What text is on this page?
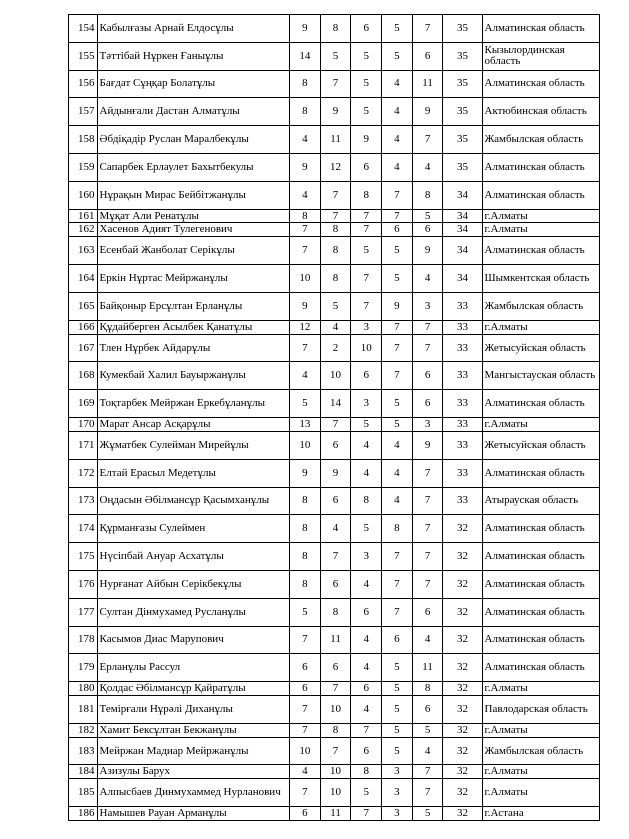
154	Кабылғазы Арнай Елдосұлы	9	8	6	5	7	35	Алматинская область
155	Тәттібай Нұркен Ғаныұлы	14	5	5	5	6	35	Кызылординская область
156	Бағдат Сұңқар Болатұлы	8	7	5	4	11	35	Алматинская область
157	Айдынғали Дастан Алматұлы	8	9	5	4	9	35	Актюбинская область
158	Әбдіқадір Руслан Маралбекұлы	4	11	9	4	7	35	Жамбылская область
159	Сапарбек Ерлаулет Бахытбекулы	9	12	6	4	4	35	Алматинская область
160	Нұрақын Мирас Бейбітжанұлы	4	7	8	7	8	34	Алматинская область
161	Мұқат Али Ренатұлы	8	7	7	7	5	34	г.Алматы
162	Хасенов Адият Тулегенович	7	8	7	6	6	34	г.Алматы
163	Есенбай Жанболат Серікұлы	7	8	5	5	9	34	Алматинская область
164	Еркін Нұртас Мейржанұлы	10	8	7	5	4	34	Шымкентская область
165	Байқоныр Ерсұлтан Ерланұлы	9	5	7	9	3	33	Жамбылская область
166	Құдайберген Асылбек Қанатұлы	12	4	3	7	7	33	г.Алматы
167	Тлен Нұрбек Айдарұлы	7	2	10	7	7	33	Жетысуйская область
168	Кумекбай Халил Бауыржанұлы	4	10	6	7	6	33	Мангыстауская область
169	Тоқтарбек Мейржан Еркебұланұлы	5	14	3	5	6	33	Алматинская область
170	Марат Ансар Асқарұлы	13	7	5	5	3	33	г.Алматы
171	Жұматбек Сулейман Мирейұлы	10	6	4	4	9	33	Жетысуйская область
172	Елтай Ерасыл Медетұлы	9	9	4	4	7	33	Алматинская область
173	Оңдасын Әбілмансұр Қасымханұлы	8	6	8	4	7	33	Атырауская область
174	Құрманғазы Сулеймен	8	4	5	8	7	32	Алматинская область
175	Нүсіпбай Ануар Асхатұлы	8	7	3	7	7	32	Алматинская область
176	Нурғанат Айбын Серікбекұлы	8	6	4	7	7	32	Алматинская область
177	Султан Дінмухамед Русланұлы	5	8	6	7	6	32	Алматинская область
178	Касымов Диас Марупович	7	11	4	6	4	32	Алматинская область
179	Ерланұлы Рассул	6	6	4	5	11	32	Алматинская область
180	Қолдас Әбілмансұр Қайратұлы	6	7	6	5	8	32	г.Алматы
181	Темірғали Нұрәлі Диханұлы	7	10	4	5	6	32	Павлодарская область
182	Хамит Бексұлтан Бекжанұлы	7	8	7	5	5	32	г.Алматы
183	Мейржан Мадиар Мейржанұлы	10	7	6	5	4	32	Жамбылская область
184	Азизулы Барух	4	10	8	3	7	32	г.Алматы
185	Алпысбаев Динмухаммед Нурланович	7	10	5	3	7	32	г.Алматы
186	Намышев Рауан Арманұлы	6	11	7	3	5	32	г.Астана
